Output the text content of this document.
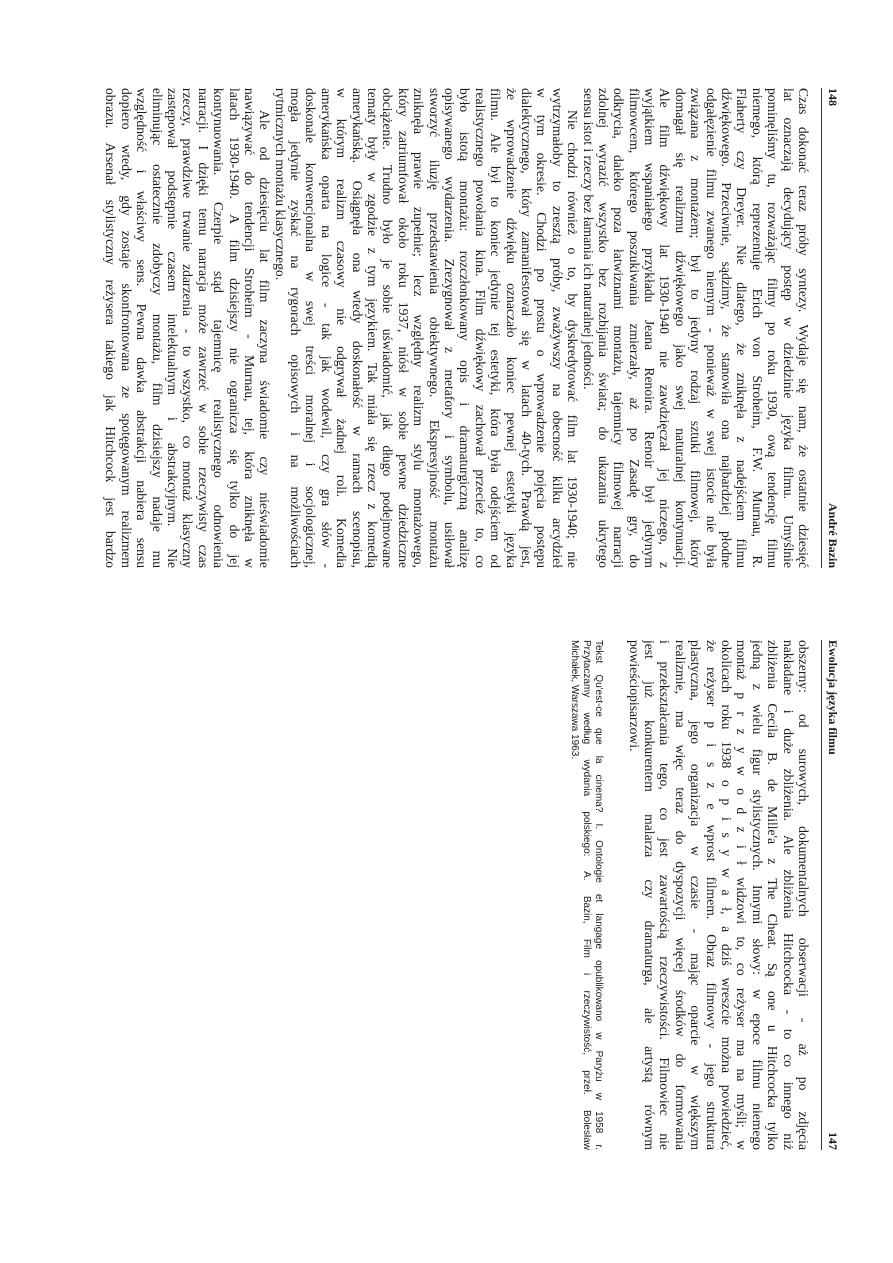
148
André Bazin
Czas dokonać teraz próby syntezy. Wydaje się nam, że ostatnie dziesięć
lat oznaczają decydujący postęp w dziedzinie języka filmu. Umyślnie
pominęliśmy tu, rozważając filmy po roku 1930, ową tendencję filmu
niemego, którą reprezentuje Erich von Stroheim, F.W. Murnau, R.
Flaherty czy Dreyer. Nie dlatego, że zniknęła z nadejściem filmu
dźwiękowego. Przeciwnie, sądzimy, że stanowiła ona najbardziej płodne
odgałęzienie filmu zwanego niemym - ponieważ w swej istocie nie była
związana z montażem; był to jedyny rodzaj sztuki filmowej, który
domagał się realizmu dźwiękowego jako swej naturalnej kontynuacji.
Ale film dźwiękowy lat 1930-1940 nie zawdzięczał jej niczego, z
wyjątkiem wspaniałego przykładu Jeana Renoira. Renoir był jedynym
filmowcem, którego poszukiwania zmierzały, aż po Zasadę gry, do
odkrycia, daleko poza łatwiznami montażu, tajemnicy filmowej narracji
zdolnej wyrazić wszystko bez rozbijania świata; do ukazania ukrytego
sensu istot i rzeczy bez łamania ich naturalnej jedności.
Nie chodzi również o to, by dyskredytować film lat 1930-1940; nie
wytrzymałoby to zresztą próby, zważywszy na obecność kilku arcydzieł
w tym okresie. Chodzi po prostu o wprowadzenie pojęcia postępu
dialektycznego, który zamanifestował się w latach 40-tych. Prawdą jest,
że wprowadzenie dźwięku oznaczało koniec pewnej estetyki języka
filmu. Ale był to koniec jedynie tej estetyki, która była odejściem od
realistycznego powołania kina. Film dźwiękowy zachował przecież to, co
było istotą montażu: rozczłonkowany opis i dramaturgiczną analizę
opisywanego wydarzenia. Zrezygnował z metafory i symbolu, usiłował
stworzyć iluzję przedstawienia obiektywnego. Ekspresyjność montażu
zniknęła prawie zupełnie; lecz względny realizm stylu montażowego,
który zatriumfował około roku 1937, niósł w sobie pewne dziedziczne
obciążenie. Trudno było je sobie uświadomić, jak długo podejmowane
tematy były w zgodzie z tym językiem. Tak miała się rzecz z komedią
amerykańską. Osiągnęła ona wtedy doskonałość w ramach scenopisu,
w którym realizm czasowy nie odgrywał żadnej roli. Komedia
amerykańska oparta na logice - tak jak wodewil, czy gra słów -
doskonale konwencjonalna w swej treści moralnej i socjologicznej,
mogła jedynie zyskać na rygorach opisowych i na możliwościach
rytmicznych montażu klasycznego.
Ale od dziesięciu lat film zaczyna świadomie czy nieświadomie
nawiązywać do tendencji Stroheim - Murnau, tej, która zniknęła w
latach 1930-1940. A film dzisiejszy nie ogranicza się tylko do jej
kontynuowania. Czerpie stąd tajemnicę realistycznego odnowienia
narracji. I dzięki temu narracja może zawrzeć w sobie rzeczywisty czas
rzeczy, prawdziwe trwanie zdarzenia - to wszystko, co montaż klasyczny
zastępował podstępnie czasem intelektualnym i abstrakcyjnym. Nie
eliminując ostatecznie zdobyczy montażu, film dzisiejszy nadaje mu
względność i właściwy sens. Pewna dawka abstrakcji nabiera sensu
dopiero wtedy, gdy zostaje skonfrontowana ze spotęgowanym realizmem
obrazu. Arsenał stylistyczny reżysera takiego jak Hitchcock jest bardzo
Ewolucja języka filmu
147
obszerny: od surowych, dokumentalnych obserwacji - aż po zdjęcia
nakładane i duże zbliżenia. Ale zbliżenia Hitchcocka - to co innego niż
zbliżenia Cecila B. de Mille'a z The Cheat. Są one u Hitchcocka tylko
jedną z wielu figur stylistycznych. Innymi słowy: w epoce filmu niemego
montaż p r z y w o d z i ł widzowi to, co reżyser ma na myśli; w
okolicach roku 1938 o p i s y w a ł, a dziś wreszcie można powiedzieć,
że reżyser p i s z e wprost filmem. Obraz filmowy - jego struktura
plastyczna, jego organizacja w czasie - mając oparcie w większym
realizmie, ma więc teraz do dyspozycji więcej środków do formowania
i przekształcania tego, co jest zawartością rzeczywistości. Filmowiec nie
jest już konkurentem malarza czy dramaturga, ale artystą równym
powieściopisarzowi.
Tekst Qu'est-ce que la cinema? I. Ontologie et langage opublikowano w Paryżu w 1958 r.
Przytaczamy według wydania polskiego: A. Bazin, Film i rzeczywistość, przeł. Bolesław
Michałek, Warszawa 1963.
